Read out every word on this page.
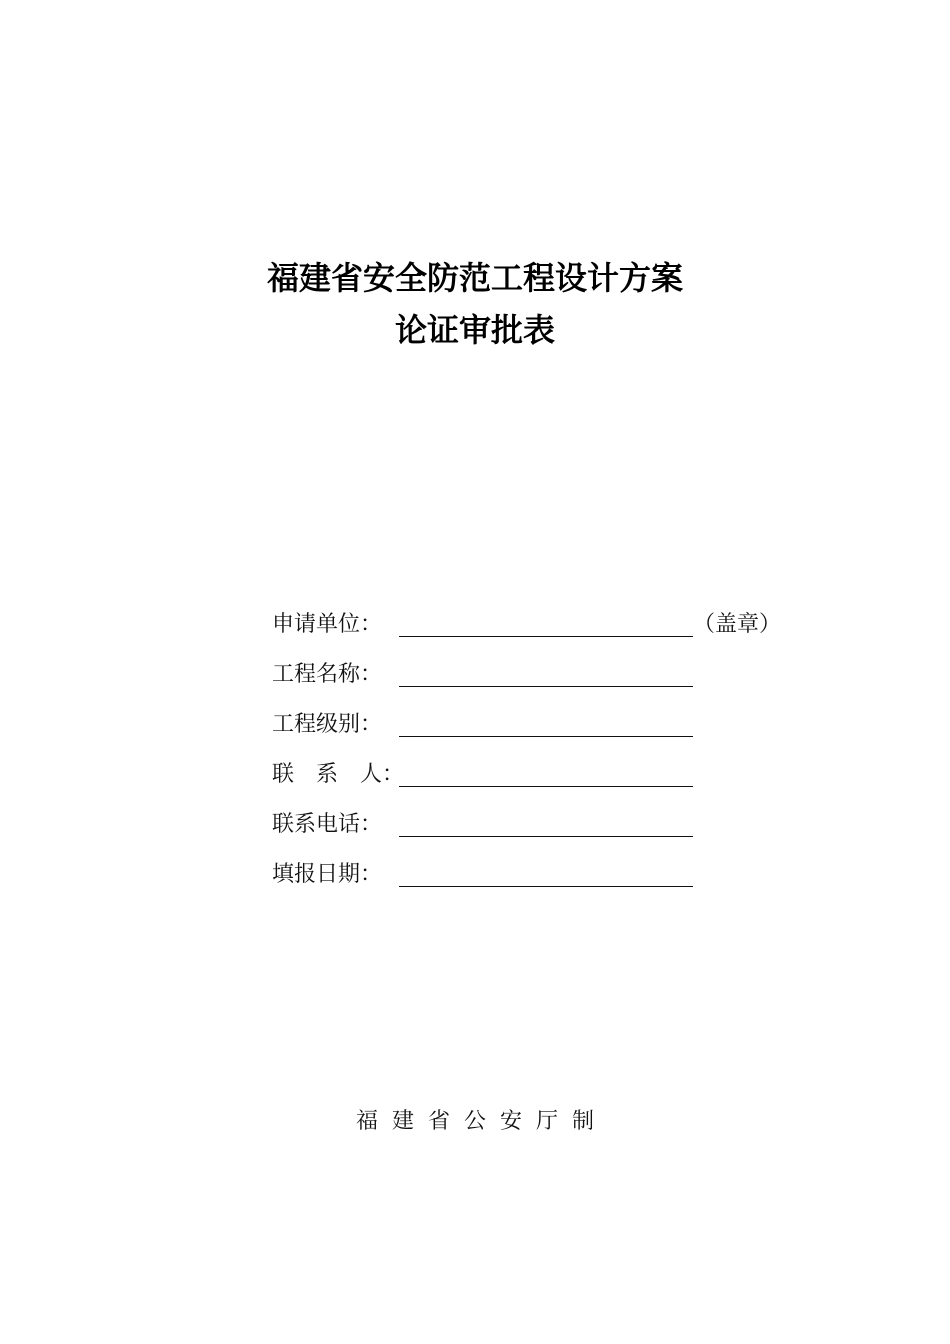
福建省安全防范工程设计方案
论证审批表
申请单位：	（盖章）
工程名称：
工程级别：
联　系　人：
联系电话：
填报日期：
福建省公安厅制
